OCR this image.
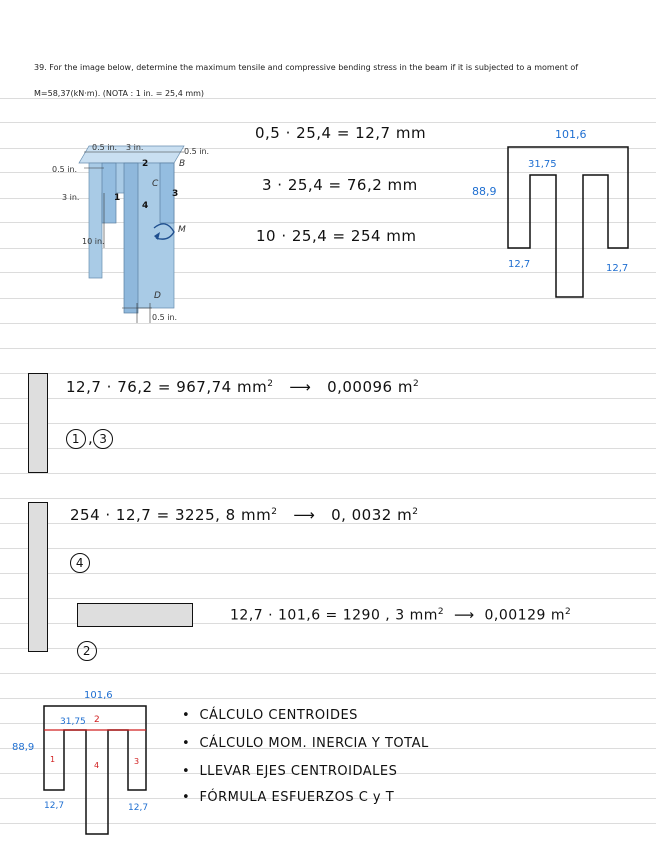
39. For the image below, determine the maximum tensile and compressive bending stress in the beam if it is subjected to a moment of
M=58,37(kN·m). (NOTA : 1 in. = 25,4 mm)
0.5 in. 3 in.	0.5 in.
0.5 in.
3 in.
10 in.
0.5 in.
B
C
D
M
1
2
3
4
0,5 · 25,4 = 12,7 mm
3 · 25,4 = 76,2 mm
10 · 25,4 = 254 mm
101,6
31,75
88,9
12,7	12,7
12,7 · 76,2 = 967,74 $mm^2$ ⟶ 0,00096 $m^2$
1 , 3
254 · 12,7 = 3225, 8 $mm^2$ ⟶ 0, 0032 $m^2$
4
12,7 · 101,6 = 1290 , 3 $mm^2$ ⟶ 0,00129 $m^2$
2
101,6
31,75 2
88,9
1
4	3
12,7	12,7
•  CÁLCULO CENTROIDES
•  CÁLCULO MOM. INERCIA Y TOTAL
•  LLEVAR EJES CENTROIDALES
•  FÓRMULA ESFUERZOS C y T
